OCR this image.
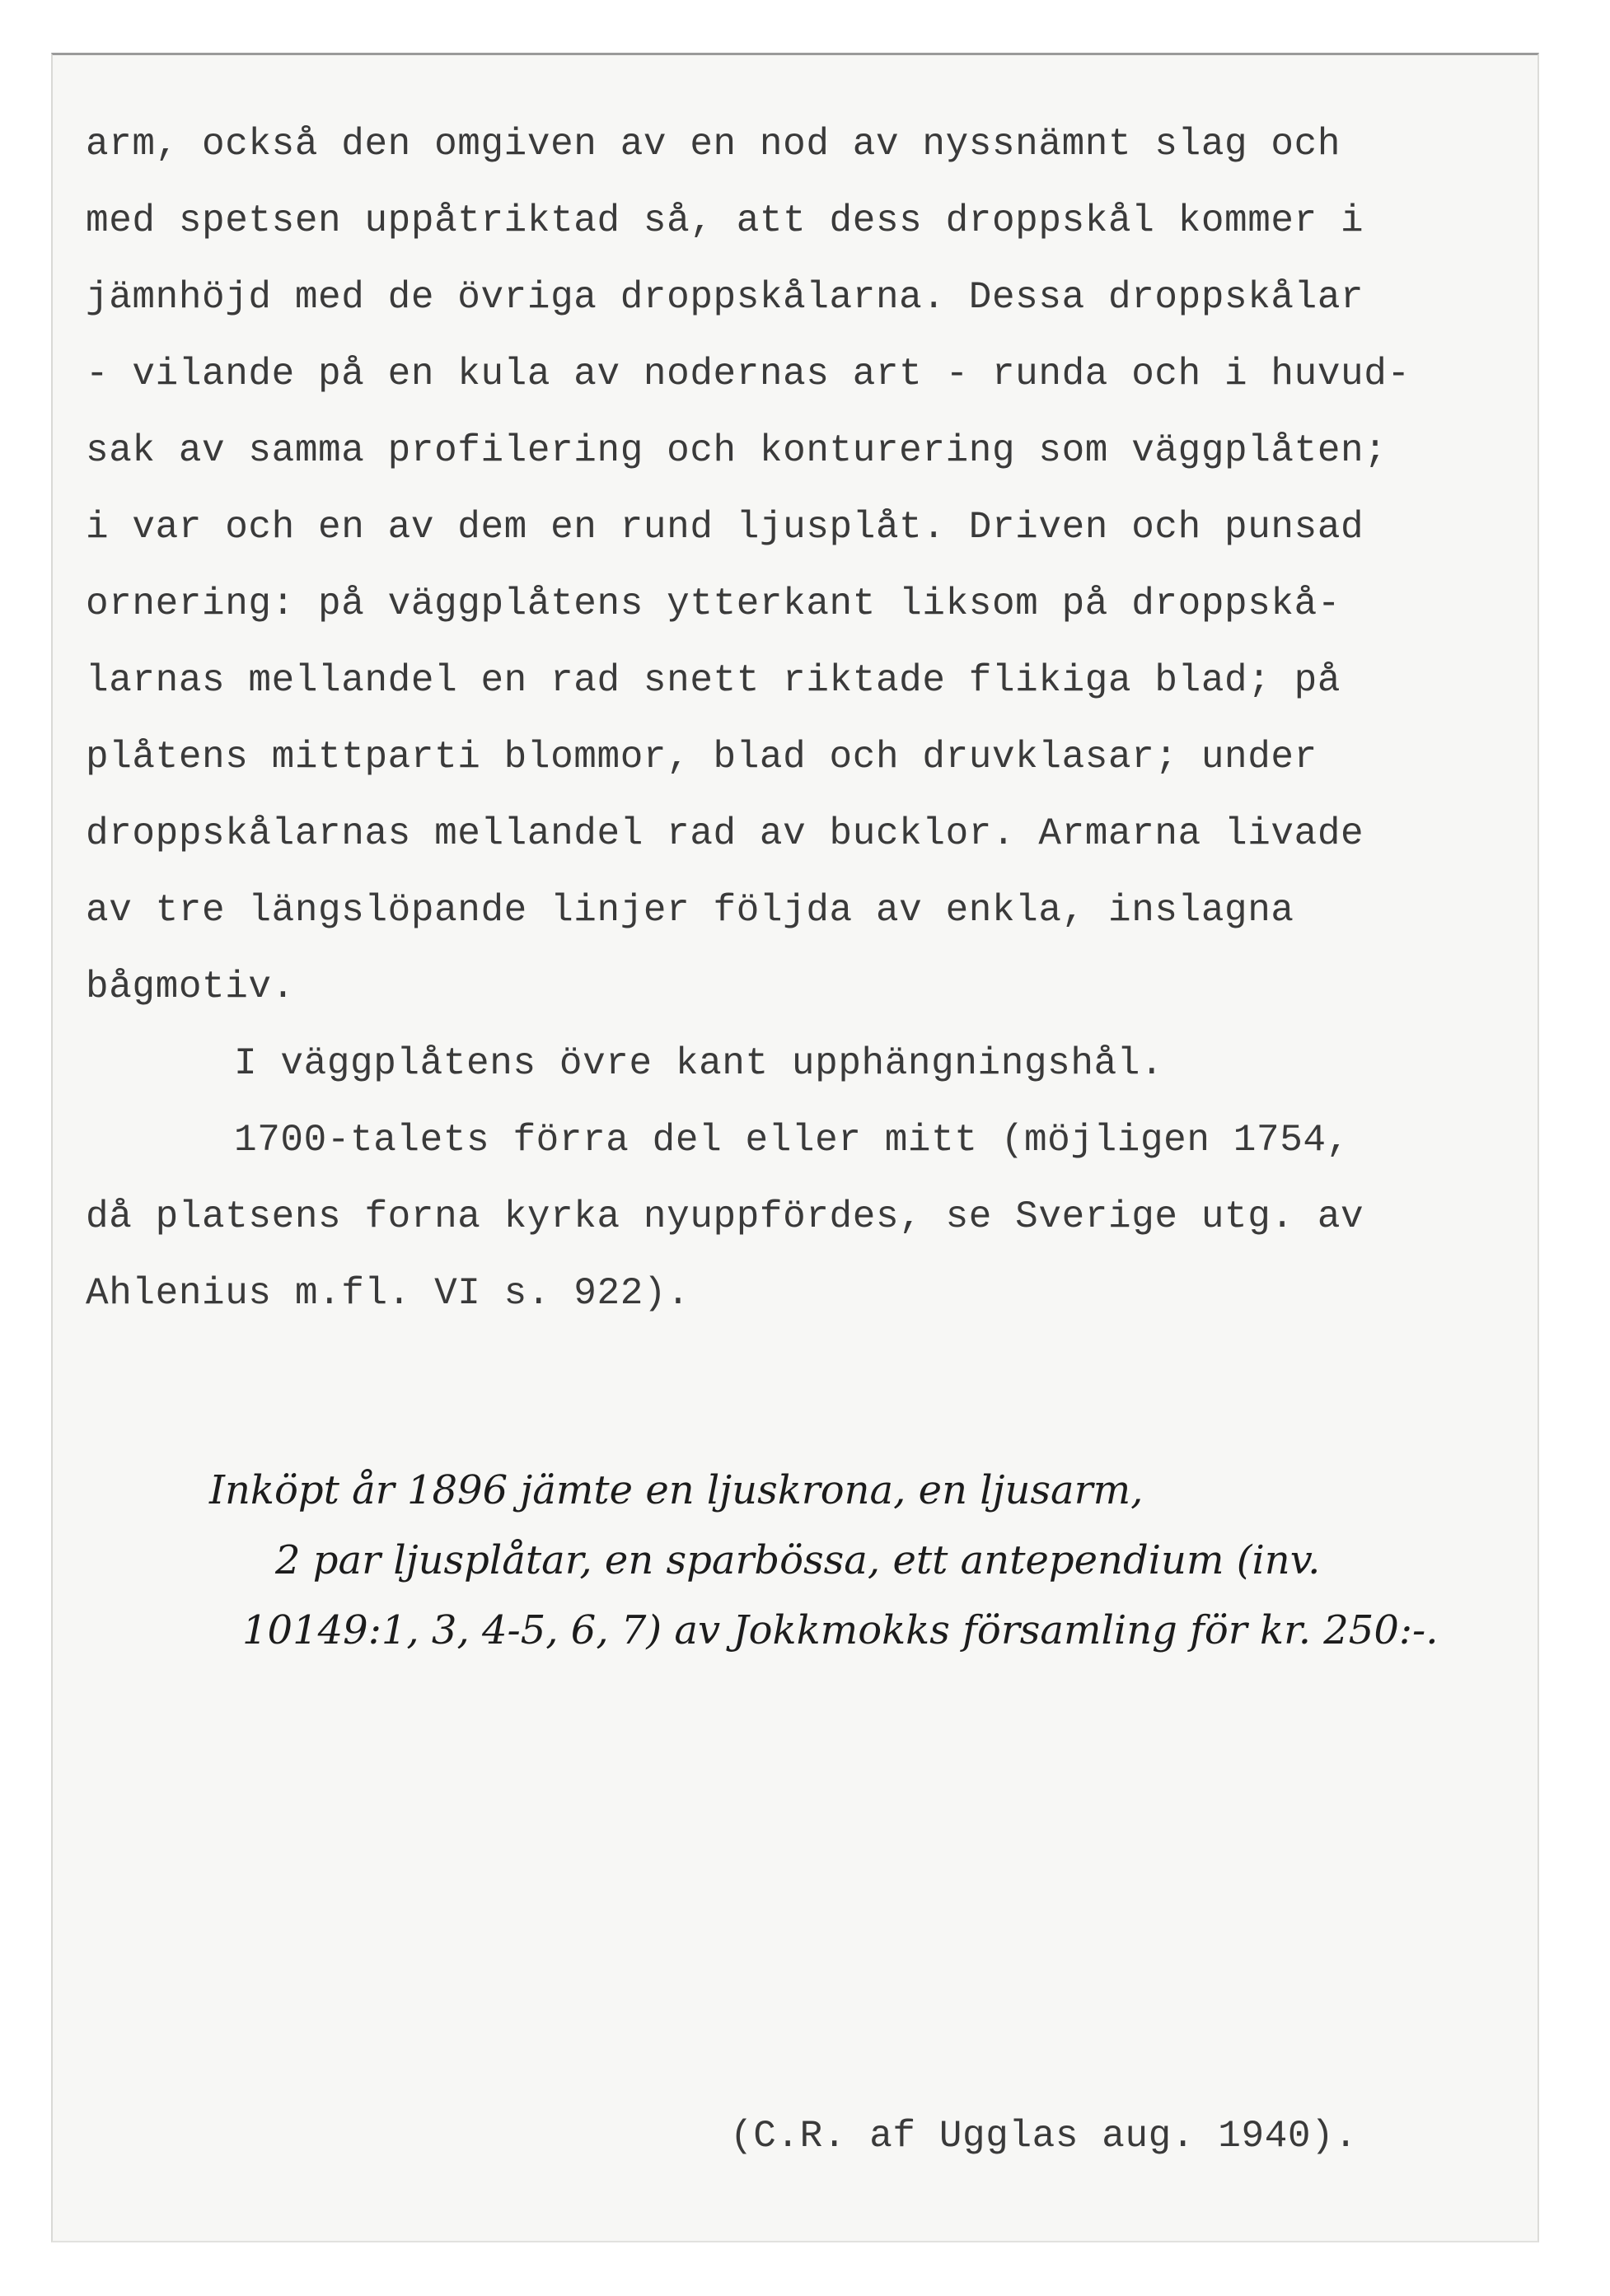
arm, också den omgiven av en nod av nyssnämnt slag och
med spetsen uppåtriktad så, att dess droppskål kommer i
jämnhöjd med de övriga droppskålarna. Dessa droppskålar
- vilande på en kula av nodernas art - runda och i huvud-
sak av samma profilering och konturering som väggplåten;
i var och en av dem en rund ljusplåt. Driven och punsad
ornering: på väggplåtens ytterkant liksom på droppskå-
larnas mellandel en rad snett riktade flikiga blad; på
plåtens mittparti blommor, blad och druvklasar; under
droppskålarnas mellandel rad av bucklor. Armarna livade
av tre längslöpande linjer följda av enkla, inslagna
bågmotiv.
I väggplåtens övre kant upphängningshål.
1700-talets förra del eller mitt (möjligen 1754,
då platsens forna kyrka nyuppfördes, se Sverige utg. av
Ahlenius m.fl. VI s. 922).
Inköpt år 1896 jämte en ljuskrona, en ljusarm,
2 par ljusplåtar, en sparbössa, ett antependium (inv.
10149:1, 3, 4-5, 6, 7) av Jokkmokks församling för kr. 250:-.
(C.R. af Ugglas aug. 1940).
